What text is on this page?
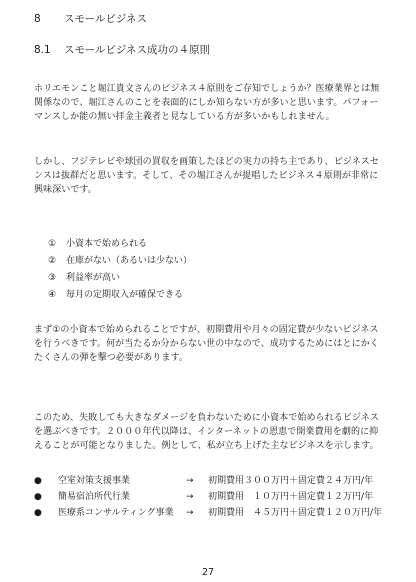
8 スモールビジネス
8.1 スモールビジネス成功の４原則

ホリエモンこと堀江貴文さんのビジネス４原則をご存知でしょうか？医療業界とは無関係なので、堀江さんのことを表面的にしか知らない方が多いと思います。パフォーマンスしか能の無い拝金主義者と見なしている方が多いかもしれません。

しかし、フジテレビや球団の買収を画策したほどの実力の持ち主であり、ビジネスセンスは抜群だと思います。そして、その堀江さんが提唱したビジネス４原則が非常に興味深いです。

① 小資本で始められる
② 在庫がない（あるいは少ない）
③ 利益率が高い
④ 毎月の定期収入が確保できる

まず①の小資本で始められることですが、初期費用や月々の固定費が少ないビジネスを行うべきです。何が当たるか分からない世の中なので、成功するためにはとにかくたくさんの弾を撃つ必要があります。

このため、失敗しても大きなダメージを負わないために小資本で始められるビジネスを選ぶべきです。２０００年代以降は、インターネットの恩恵で開業費用を劇的に抑えることが可能となりました。例として、私が立ち上げた主なビジネスを示します。

● 空室対策支援事業	→ 初期費用３００万円＋固定費２４万円/年
● 簡易宿泊所代行業	→ 初期費用　１０万円＋固定費１２万円/年
● 医療系コンサルティング事業 → 初期費用　４５万円＋固定費１２０万円/年
27
